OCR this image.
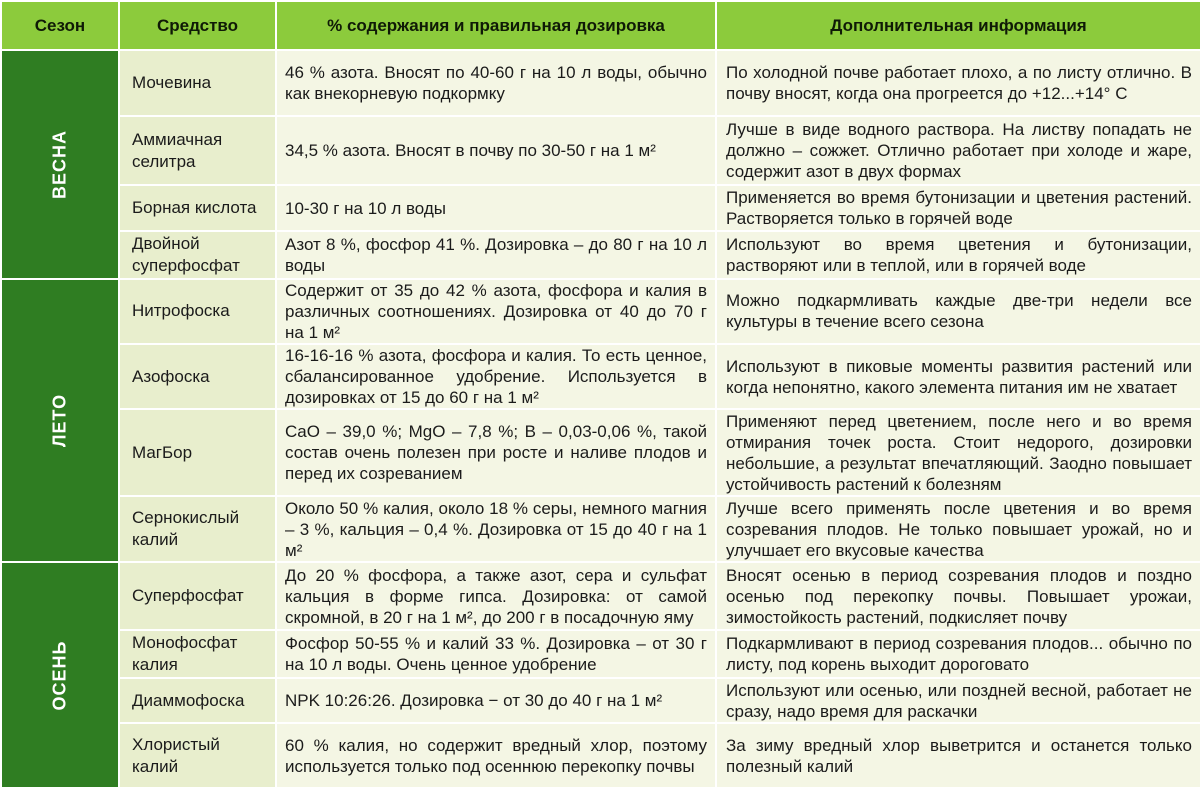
Сезон	Средство	% содержания и правильная дозировка	Дополнительная информация

ВЕСНА	Мочевина	46 % азота. Вносят по 40-60 г на 10 л воды, обычно как внекорневую подкормку	По холодной почве работает плохо, а по листу отлично. В почву вносят, когда она прогреется до +12...+14° С
	Аммиачная селитра	34,5 % азота. Вносят в почву по 30-50 г на 1 м²	Лучше в виде водного раствора. На листву попадать не должно – сожжет. Отлично работает при холоде и жаре, содержит азот в двух формах
	Борная кислота	10-30 г на 10 л воды	Применяется во время бутонизации и цветения растений. Растворяется только в горячей воде
	Двойной суперфосфат	Азот 8 %, фосфор 41 %. Дозировка – до 80 г на 10 л воды	Используют во время цветения и бутонизации, растворяют или в теплой, или в горячей воде

ЛЕТО	Нитрофоска	Содержит от 35 до 42 % азота, фосфора и калия в различных соотношениях. Дозировка от 40 до 70 г на 1 м²	Можно подкармливать каждые две-три недели все культуры в течение всего сезона
	Азофоска	16-16-16 % азота, фосфора и калия. То есть ценное, сбалансированное удобрение. Используется в дозировках от 15 до 60 г на 1 м²	Используют в пиковые моменты развития растений или когда непонятно, какого элемента питания им не хватает
	МагБор	CaO – 39,0 %; MgO – 7,8 %; B – 0,03-0,06 %, такой состав очень полезен при росте и наливе плодов и перед их созреванием	Применяют перед цветением, после него и во время отмирания точек роста. Стоит недорого, дозировки небольшие, а результат впечатляющий. Заодно повышает устойчивость растений к болезням
	Сернокислый калий	Около 50 % калия, около 18 % серы, немного магния – 3 %, кальция – 0,4 %. Дозировка от 15 до 40 г на 1 м²	Лучше всего применять после цветения и во время созревания плодов. Не только повышает урожай, но и улучшает его вкусовые качества

ОСЕНЬ	Суперфосфат	До 20 % фосфора, а также азот, сера и сульфат кальция в форме гипса. Дозировка: от самой скромной, в 20 г на 1 м², до 200 г в посадочную яму	Вносят осенью в период созревания плодов и поздно осенью под перекопку почвы. Повышает урожаи, зимостойкость растений, подкисляет почву
	Монофосфат калия	Фосфор 50-55 % и калий 33 %. Дозировка – от 30 г на 10 л воды. Очень ценное удобрение	Подкармливают в период созревания плодов... обычно по листу, под корень выходит дороговато
	Диаммофоска	NPK 10:26:26. Дозировка − от 30 до 40 г на 1 м²	Используют или осенью, или поздней весной, работает не сразу, надо время для раскачки
	Хлористый калий	60 % калия, но содержит вредный хлор, поэтому используется только под осеннюю перекопку почвы	За зиму вредный хлор выветрится и останется только полезный калий
